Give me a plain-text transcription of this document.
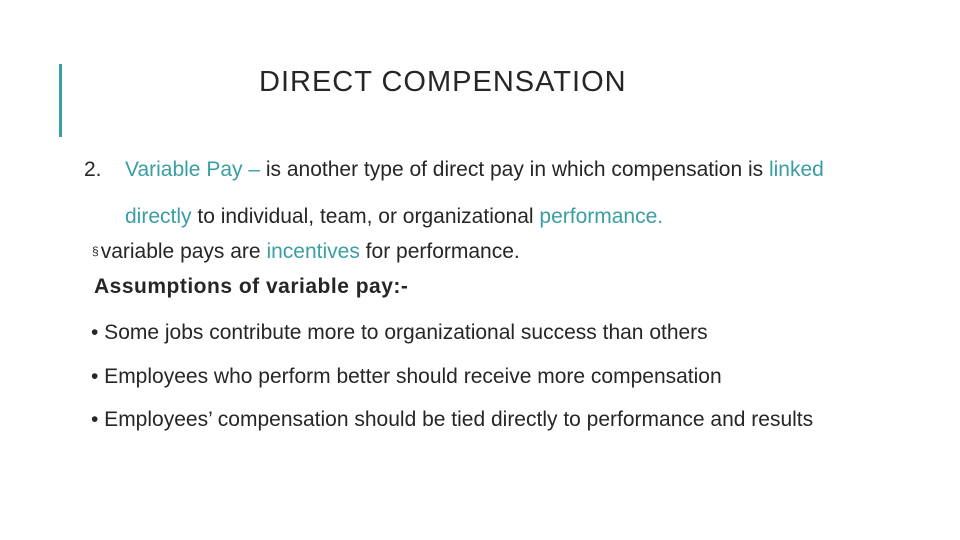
DIRECT COMPENSATION
2. Variable Pay – is another type of direct pay in which compensation is linked directly to individual, team, or organizational performance.
§variable pays are incentives for performance.
Assumptions of variable pay:-
• Some jobs contribute more to organizational success than others
• Employees who perform better should receive more compensation
• Employees’ compensation should be tied directly to performance and results
